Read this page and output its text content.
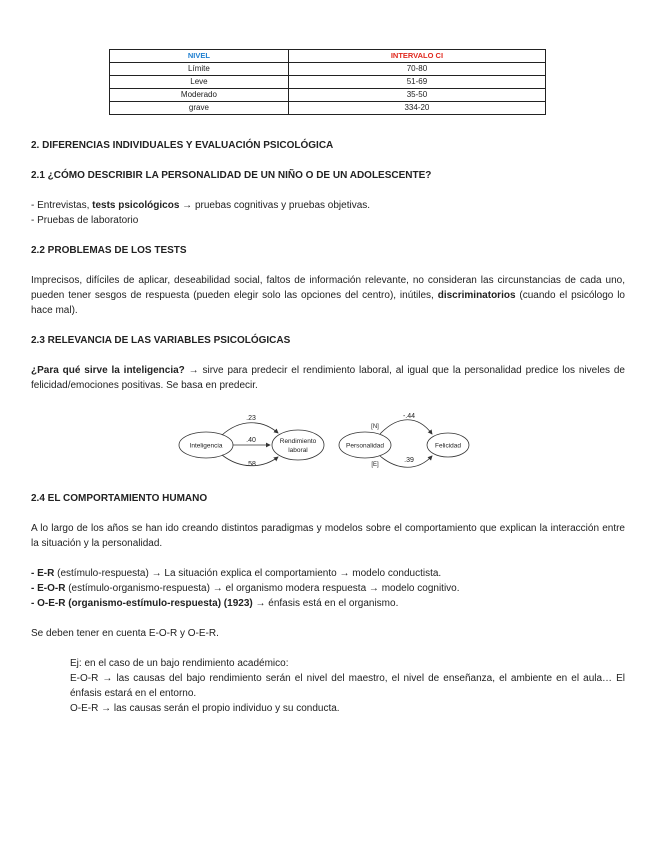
NIVEL	INTERVALO CI
Límite	70-80
Leve	51-69
Moderado	35-50
grave	334-20
2. DIFERENCIAS INDIVIDUALES Y EVALUACIÓN PSICOLÓGICA
2.1 ¿CÓMO DESCRIBIR LA PERSONALIDAD DE UN NIÑO O DE UN ADOLESCENTE?
- Entrevistas, tests psicológicos → pruebas cognitivas y pruebas objetivas.
- Pruebas de laboratorio
2.2 PROBLEMAS DE LOS TESTS
Imprecisos, difíciles de aplicar, deseabilidad social, faltos de información relevante, no consideran las circunstancias de cada uno, pueden tener sesgos de respuesta (pueden elegir solo las opciones del centro), inútiles, discriminatorios (cuando el psicólogo lo hace mal).
2.3 RELEVANCIA DE LAS VARIABLES PSICOLÓGICAS
¿Para qué sirve la inteligencia? → sirve para predecir el rendimiento laboral, al igual que la personalidad predice los niveles de felicidad/emociones positivas. Se basa en predecir.
Inteligencia
Rendimiento
laboral
.23
.40
.58
Personalidad	Felicidad
-.44
[N]
.39
[E]
2.4 EL COMPORTAMIENTO HUMANO
A lo largo de los años se han ido creando distintos paradigmas y modelos sobre el comportamiento que explican la interacción entre la situación y la personalidad.
- E-R (estímulo-respuesta) → La situación explica el comportamiento → modelo conductista.
- E-O-R (estímulo-organismo-respuesta) → el organismo modera respuesta → modelo cognitivo.
- O-E-R (organismo-estímulo-respuesta) (1923) → énfasis está en el organismo.
Se deben tener en cuenta E-O-R y O-E-R.
Ej: en el caso de un bajo rendimiento académico:
E-O-R → las causas del bajo rendimiento serán el nivel del maestro, el nivel de enseñanza, el ambiente en el aula… El énfasis estará en el entorno.
O-E-R → las causas serán el propio individuo y su conducta.
